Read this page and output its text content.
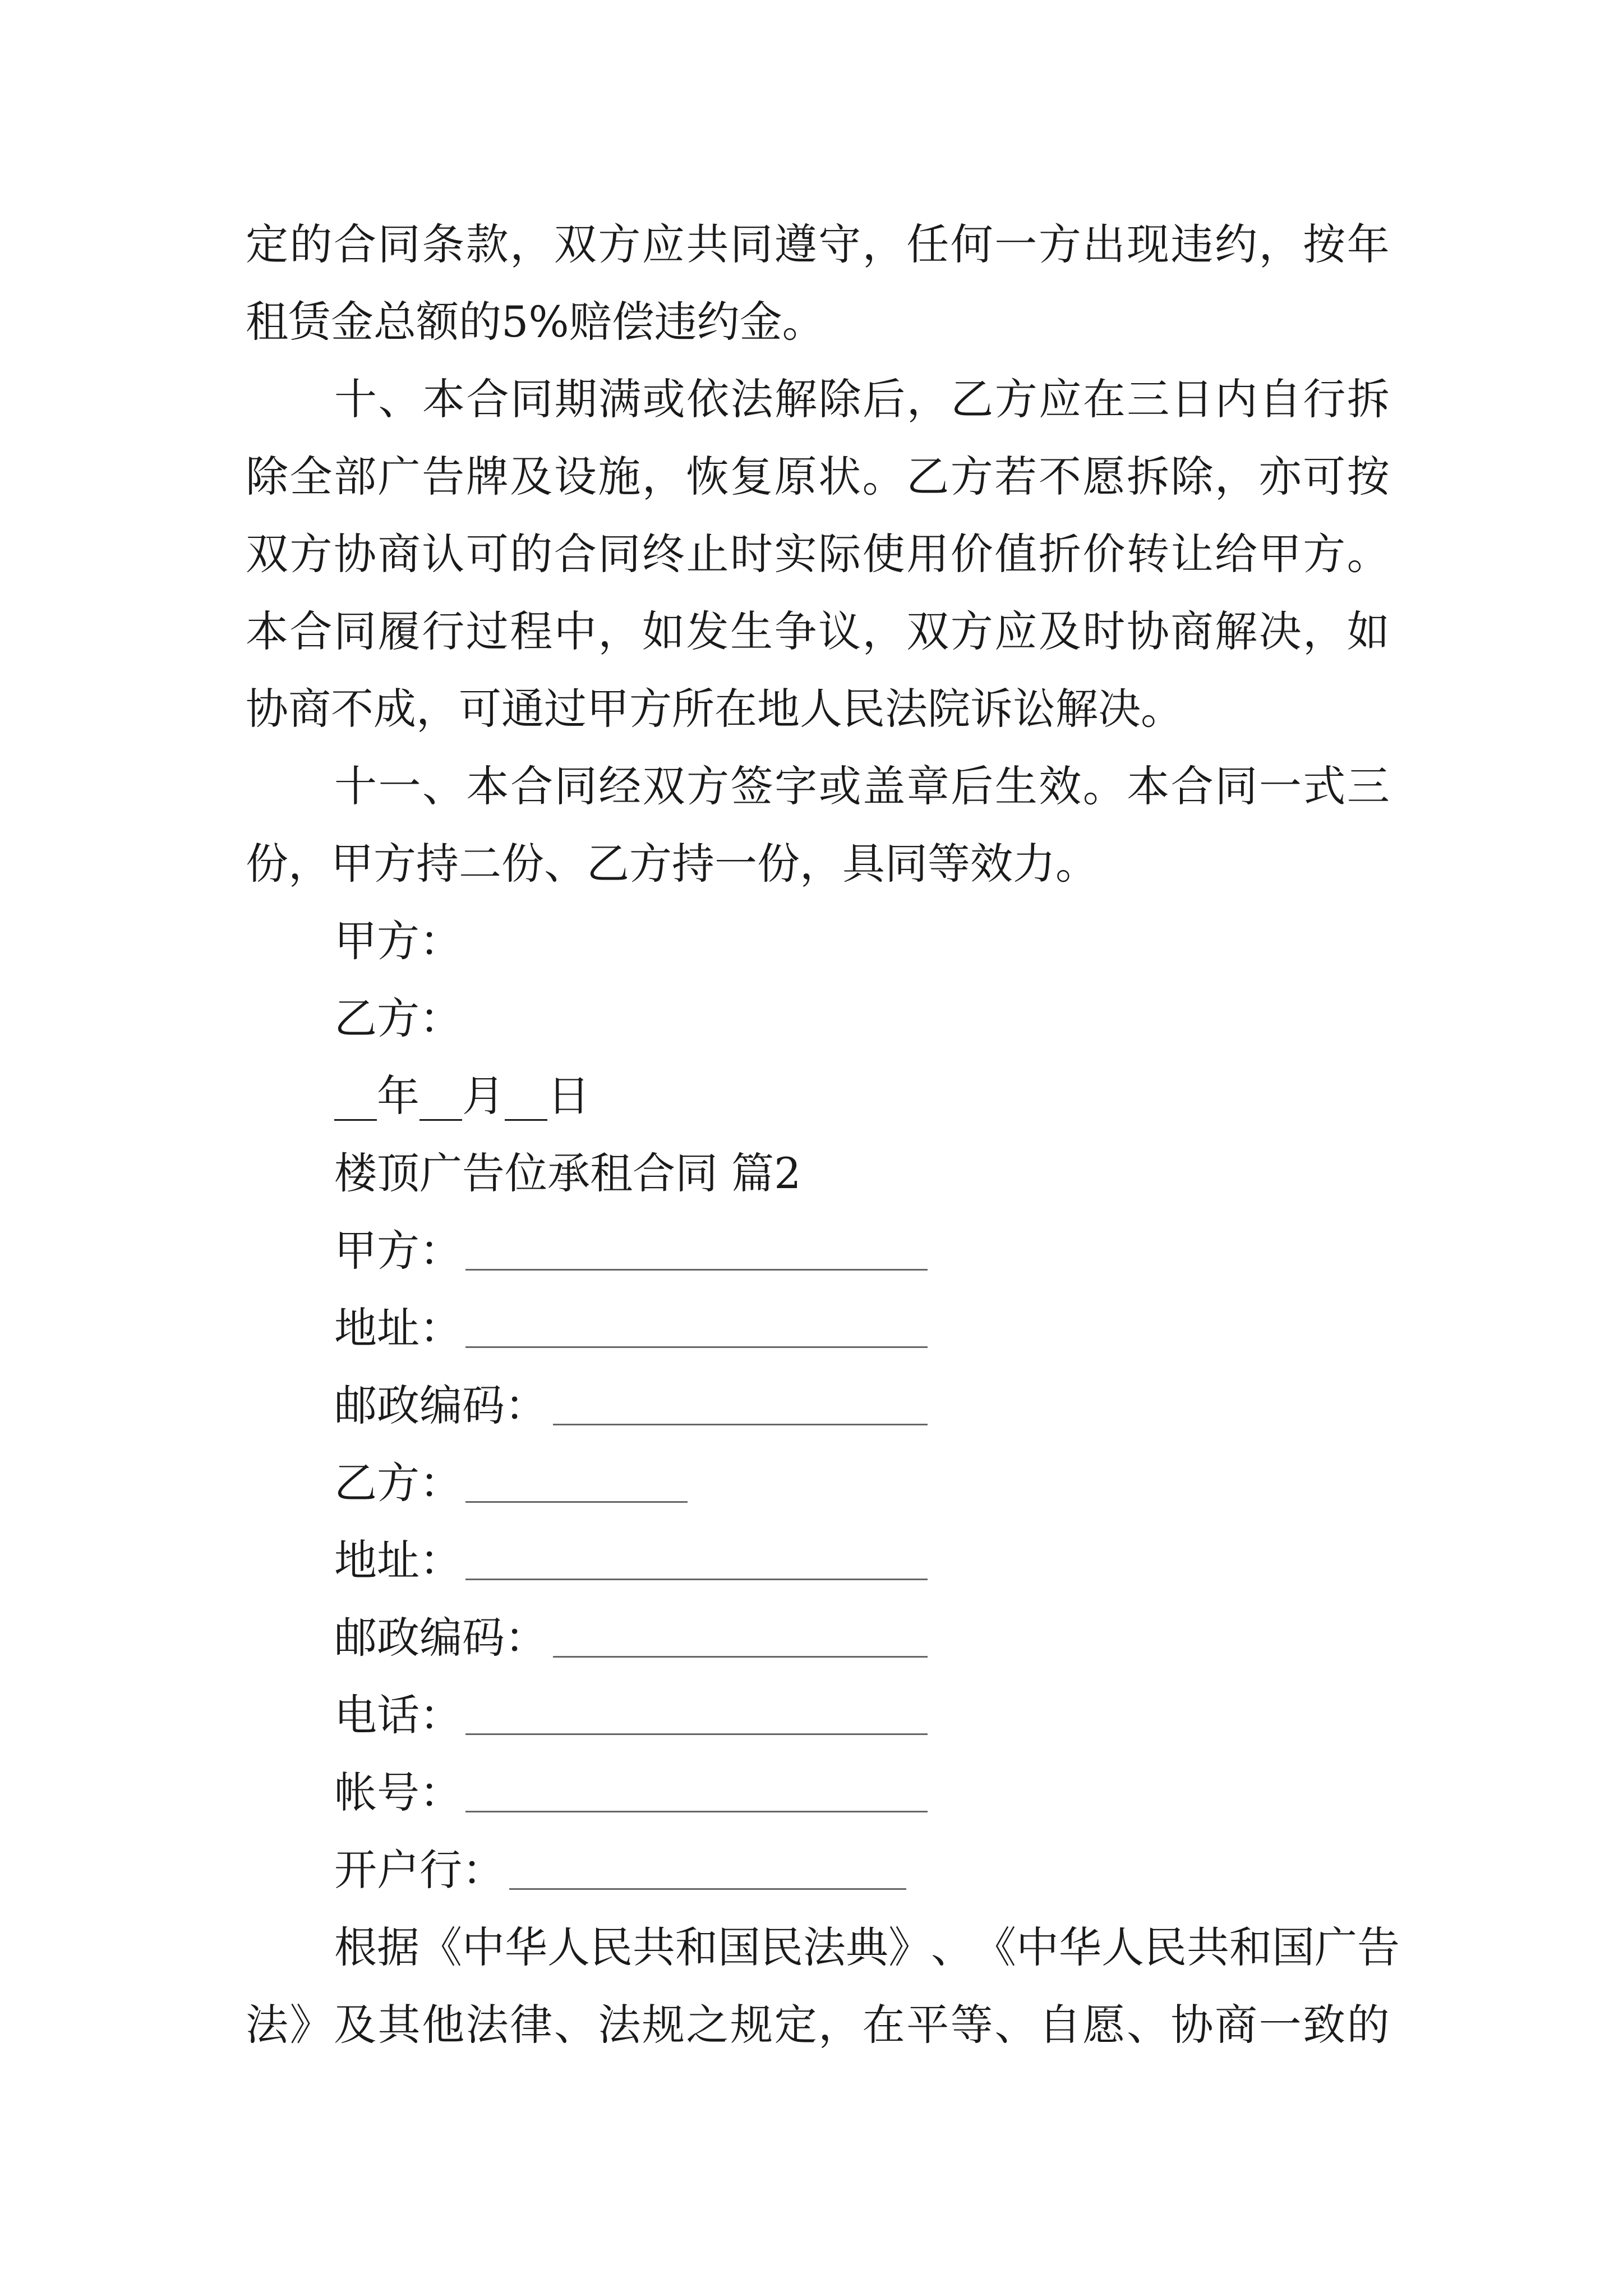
定 的 合 同 条 款 ， 双 方 应 共 同 遵 守 ， 任 何 一 方 出 现 违 约 ， 按 年
租赁金总额的5%赔偿违约金。
十 、 本 合 同 期 满 或 依 法 解 除 后 ， 乙 方 应 在 三 日 内 自 行 拆
除 全 部 广 告 牌 及 设 施 ， 恢 复 原 状 。 乙 方 若 不 愿 拆 除 ， 亦 可 按
双 方 协 商 认 可 的 合 同 终 止 时 实 际 使 用 价 值 折 价 转 让 给 甲 方 。
本 合 同 履 行 过 程 中 ， 如 发 生 争 议 ， 双 方 应 及 时 协 商 解 决 ， 如
协商不成，可通过甲方所在地人民法院诉讼解决。
十 一 、 本 合 同 经 双 方 签 字 或 盖 章 后 生 效 。 本 合 同 一 式 三
份，甲方持二份、乙方持一份，具同等效力。
甲方：
乙方：
__年__月__日
楼顶广告位承租合同 篇2
甲方：
地址：
邮政编码：
乙方：
地址：
邮政编码：
电话：
帐号：
开户行：
根 据 《 中 华 人 民 共 和 国 民 法 典 》 、 《 中 华 人 民 共 和 国 广 告
法 》 及 其 他 法 律 、 法 规 之 规 定 ， 在 平 等 、 自 愿 、 协 商 一 致 的
